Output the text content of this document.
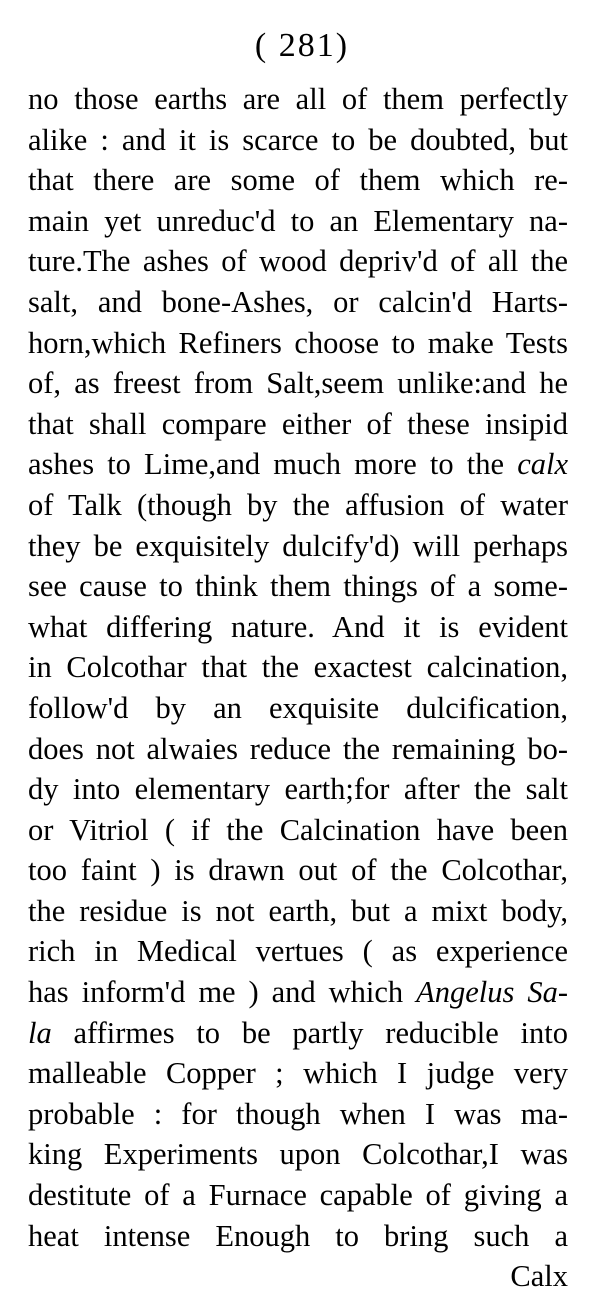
( 281)
no those earths are all of them perfectly
alike : and it is scarce to be doubted, but
that there are some of them which re-
main yet unreduc'd to an Elementary na-
ture.The ashes of wood depriv'd of all the
salt, and bone-Ashes, or calcin'd Harts-
horn,which Refiners choose to make Tests
of, as freest from Salt,seem unlike:and he
that shall compare either of these insipid
ashes to Lime,and much more to the calx
of Talk (though by the affusion of water
they be exquisitely dulcify'd) will perhaps
see cause to think them things of a some-
what differing nature. And it is evident
in Colcothar that the exactest calcination,
follow'd by an exquisite dulcification,
does not alwaies reduce the remaining bo-
dy into elementary earth;for after the salt
or Vitriol ( if the Calcination have been
too faint ) is drawn out of the Colcothar,
the residue is not earth, but a mixt body,
rich in Medical vertues ( as experience
has inform'd me ) and which Angelus Sa-
la affirmes to be partly reducible into
malleable Copper ; which I judge very
probable : for though when I was ma-
king Experiments upon Colcothar,I was
destitute of a Furnace capable of giving a
heat intense Enough to bring such a
Calx
